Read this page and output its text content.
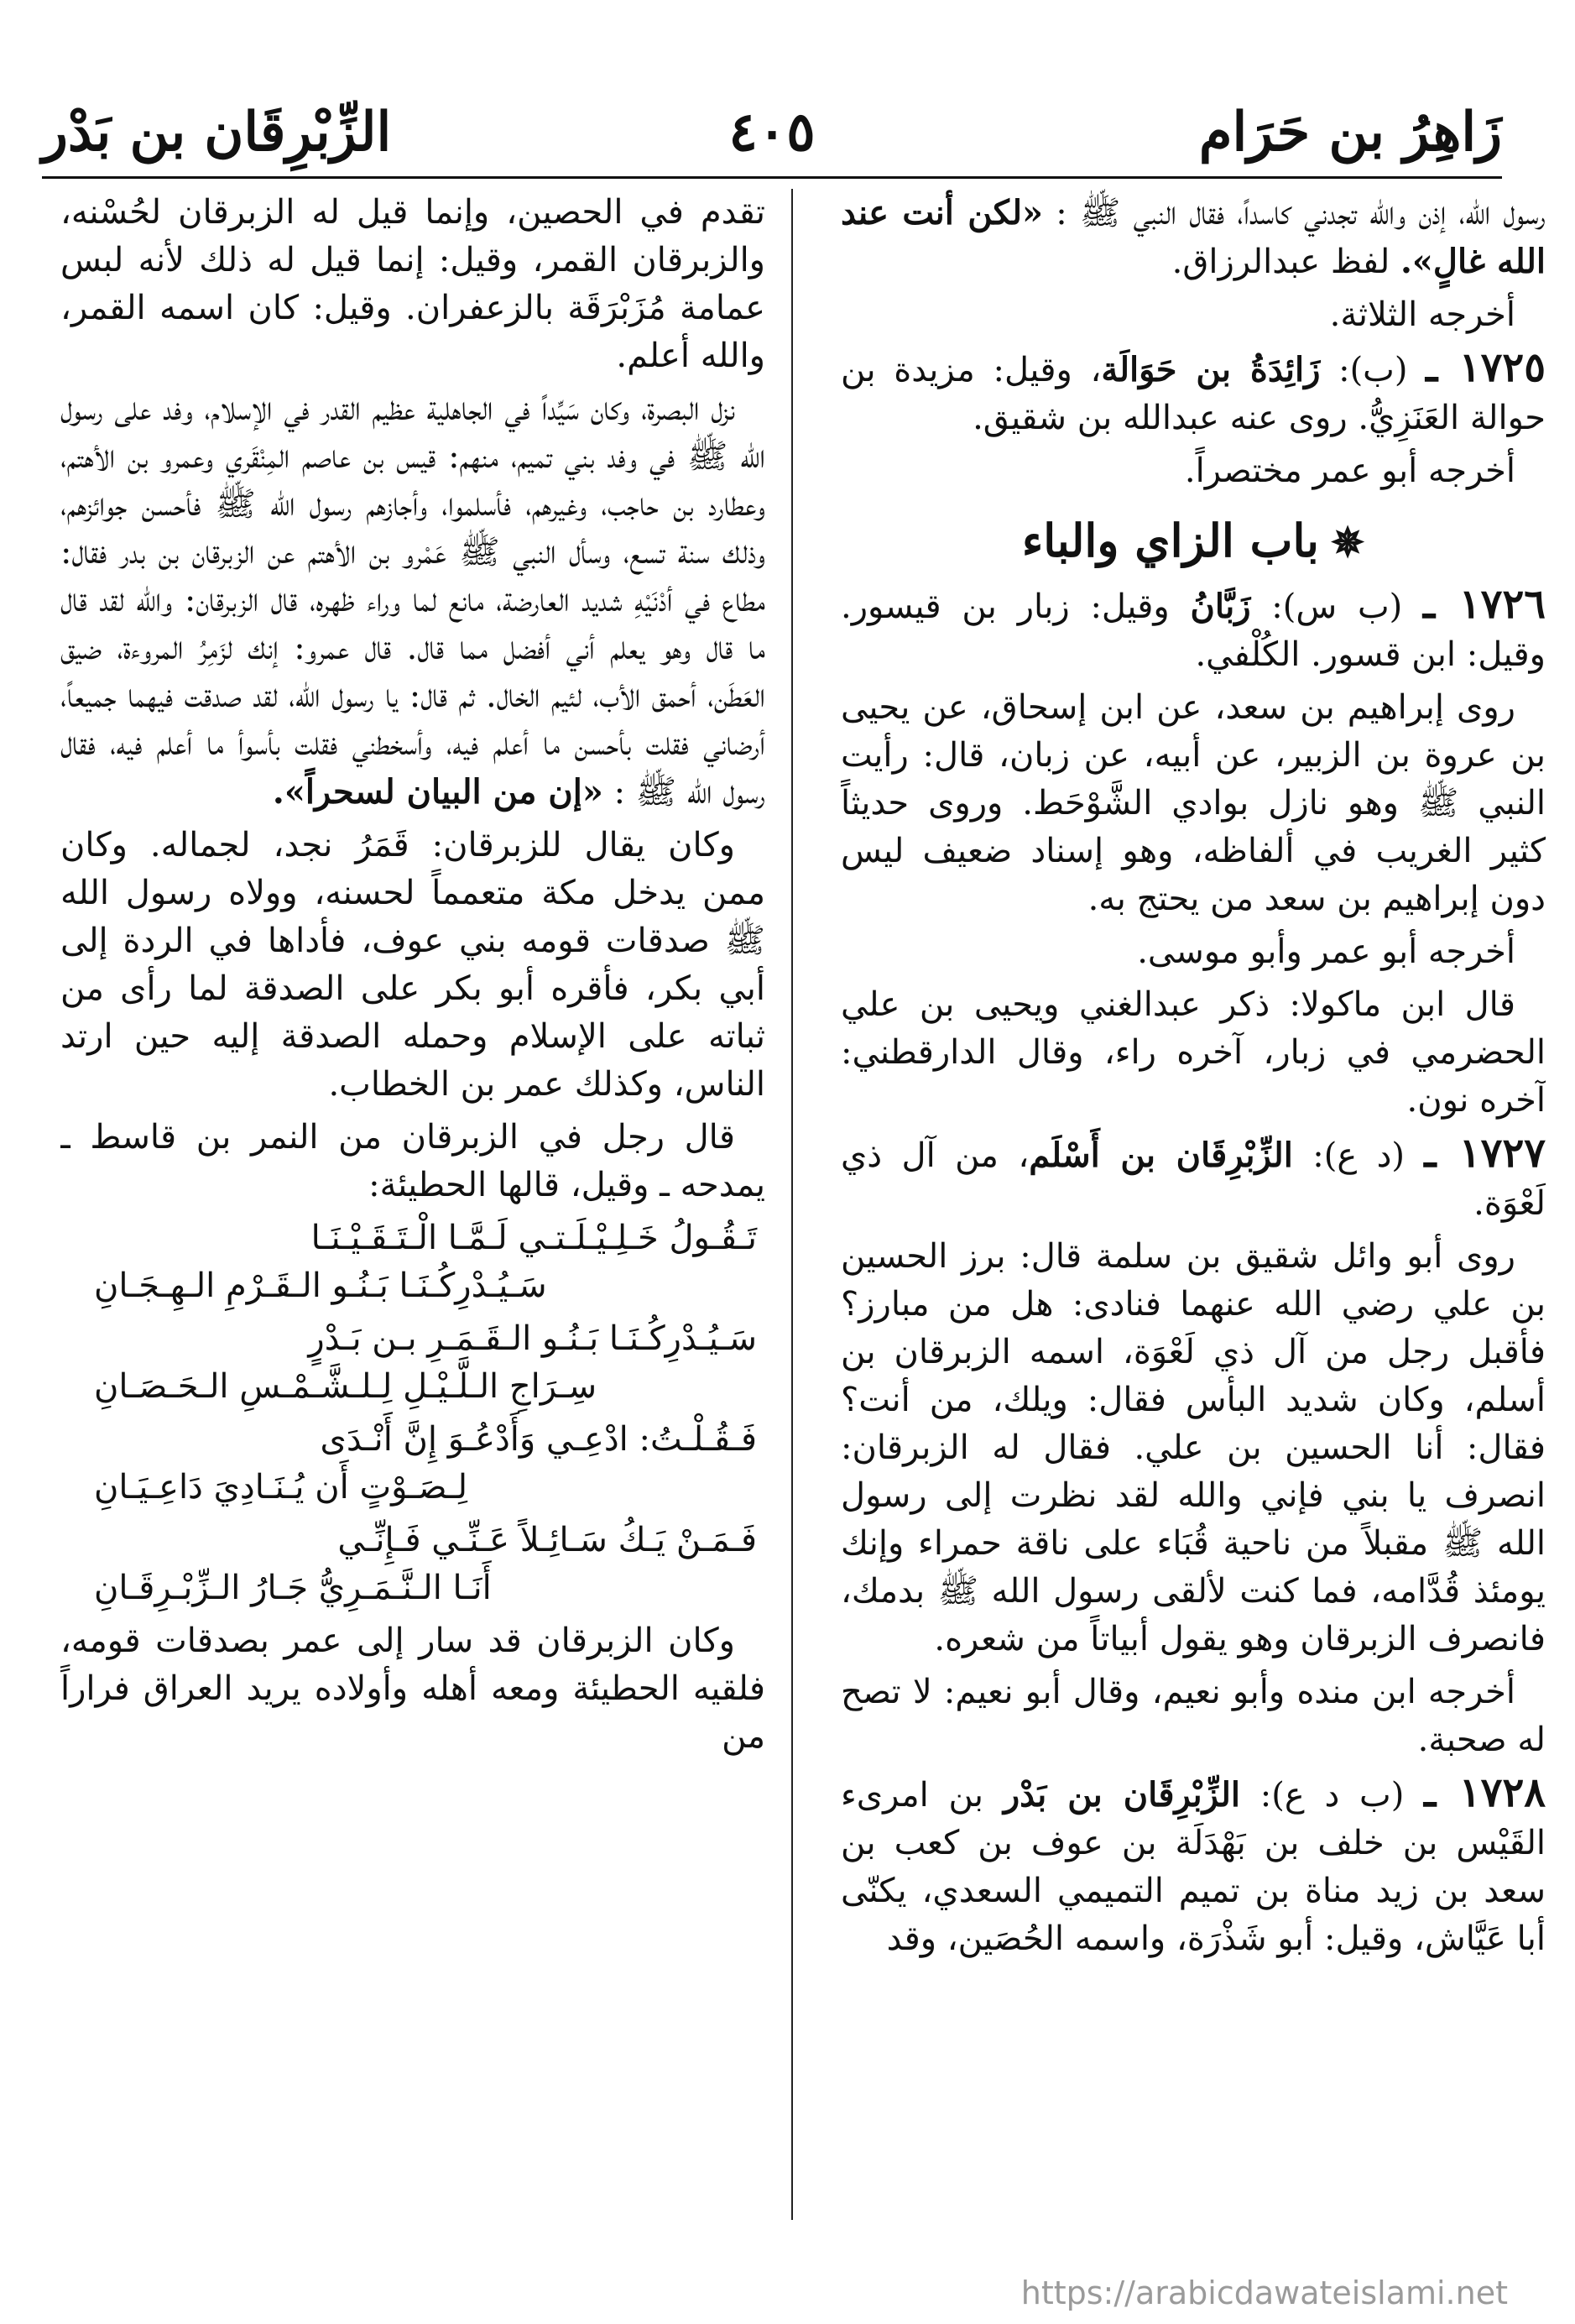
زَاهِرُ بن حَرَام
٤٠٥
الزِّبْرِقَان بن بَدْر

رسول الله، إذن والله تجدني كاسداً، فقال النبي ﷺ : «لكن أنت عند الله غالٍ». لفظ عبدالرزاق.

أخرجه الثلاثة.

١٧٢٥ ـ (ب): زَائِدَةُ بن حَوَالَة، وقيل: مزيدة بن حوالة العَنَزِيُّ. روى عنه عبدالله بن شقيق.

أخرجه أبو عمر مختصراً.

✵باب الزاي والباء

١٧٢٦ ـ (ب س): زَبَّانُ وقيل: زبار بن قيسور. وقيل: ابن قسور. الكُلْفي.

روى إبراهيم بن سعد، عن ابن إسحاق، عن يحيى بن عروة بن الزبير، عن أبيه، عن زبان، قال: رأيت النبي ﷺ وهو نازل بوادي الشَّوْحَط. وروى حديثاً كثير الغريب في ألفاظه، وهو إسناد ضعيف ليس دون إبراهيم بن سعد من يحتج به.

أخرجه أبو عمر وأبو موسى.

قال ابن ماكولا: ذكر عبدالغني ويحيى بن علي الحضرمي في زبار، آخره راء، وقال الدارقطني: آخره نون.

١٧٢٧ ـ (د ع): الزِّبْرِقَان بن أَسْلَم، من آل ذي لَعْوَة.

روى أبو وائل شقيق بن سلمة قال: برز الحسين بن علي رضي الله عنهما فنادى: هل من مبارز؟ فأقبل رجل من آل ذي لَعْوَة، اسمه الزبرقان بن أسلم، وكان شديد البأس فقال: ويلك، من أنت؟ فقال: أنا الحسين بن علي. فقال له الزبرقان: انصرف يا بني فإني والله لقد نظرت إلى رسول الله ﷺ مقبلاً من ناحية قُبَاء على ناقة حمراء وإنك يومئذ قُدَّامه، فما كنت لألقى رسول الله ﷺ بدمك، فانصرف الزبرقان وهو يقول أبياتاً من شعره.

أخرجه ابن منده وأبو نعيم، وقال أبو نعيم: لا تصح له صحبة.

١٧٢٨ ـ (ب د ع): الزِّبْرِقَان بن بَدْر بن امرىء القَيْس بن خلف بن بَهْدَلَة بن عوف بن كعب بن سعد بن زيد مناة بن تميم التميمي السعدي، يكنّى أبا عَيَّاش، وقيل: أبو شَذْرَة، واسمه الحُصَين، وقد

تقدم في الحصين، وإنما قيل له الزبرقان لحُسْنه، والزبرقان القمر، وقيل: إنما قيل له ذلك لأنه لبس عمامة مُزَبْرَقَة بالزعفران. وقيل: كان اسمه القمر، والله أعلم.

نزل البصرة، وكان سَيِّداً في الجاهلية عظيم القدر في الإسلام، وفد على رسول الله ﷺ في وفد بني تميم، منهم: قيس بن عاصم المِنْقَري وعمرو بن الأهتم، وعطارد بن حاجب، وغيرهم، فأسلموا، وأجازهم رسول الله ﷺ فأحسن جوائزهم، وذلك سنة تسع، وسأل النبي ﷺ عَمْرو بن الأهتم عن الزبرقان بن بدر فقال: مطاع في أدْنَيْهِ شديد العارضة، مانع لما وراء ظهره، قال الزبرقان: والله لقد قال ما قال وهو يعلم أني أفضل مما قال. قال عمرو: إنك لزَمِرُ المروءة، ضيق العَطَن، أحمق الأب، لئيم الخال. ثم قال: يا رسول الله، لقد صدقت فيهما جميعاً، أرضاني فقلت بأحسن ما أعلم فيه، وأسخطني فقلت بأسوأ ما أعلم فيه، فقال رسول الله ﷺ : «إن من البيان لسحراً».

وكان يقال للزبرقان: قَمَرُ نجد، لجماله. وكان ممن يدخل مكة متعمماً لحسنه، وولاه رسول الله ﷺ صدقات قومه بني عوف، فأداها في الردة إلى أبي بكر، فأقره أبو بكر على الصدقة لما رأى من ثباته على الإسلام وحمله الصدقة إليه حين ارتد الناس، وكذلك عمر بن الخطاب.

قال رجل في الزبرقان من النمر بن قاسط ـ يمدحه ـ وقيل، قالها الحطيئة:

تَـقُـولُ خَـلِـيْـلَـتـي لَـمَّـا الْـتَـقَـيْـنَـا
سَـيُـدْرِكُـنَـا بَـنُـو الـقَـرْمِ الـهِـجَـانِ
سَـيُـدْرِكُـنَـا بَـنُـو الـقَـمَـرِ بـن بَـدْرٍ
سِـرَاجِ الـلَّـيْـلِ لِـلـشَّـمْـسِ الـحَـصَـانِ
فَـقُـلْـتُ: ادْعِـي وَأَدْعُـوَ إِنَّ أَنْـدَى
لِـصَـوْتٍ أَن يُـنَـادِيَ دَاعِـيَـانِ
فَـمَـنْ يَـكُ سَـائِـلاً عَـنِّـي فَـإِنِّـي
أَنَـا الـنَّـمَـرِيُّ جَـارُ الـزِّبْـرِقَـانِ

وكان الزبرقان قد سار إلى عمر بصدقات قومه، فلقيه الحطيئة ومعه أهله وأولاده يريد العراق فراراً من

https://arabicdawateislami.net
